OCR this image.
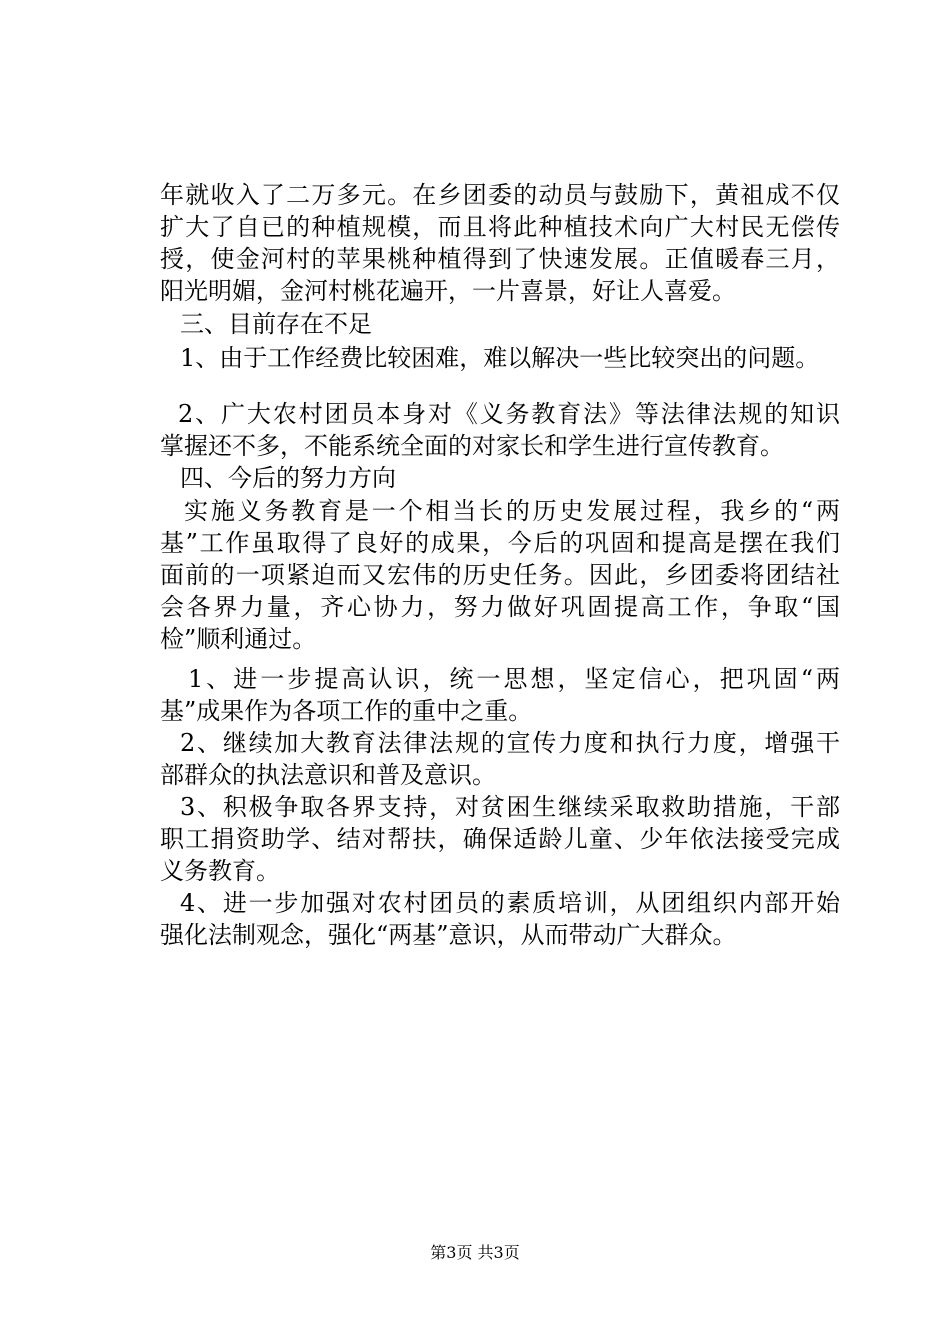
年就收入了二万多元。在乡团委的动员与鼓励下，黄祖成不仅
扩大了自已的种植规模，而且将此种植技术向广大村民无偿传
授，使金河村的苹果桃种植得到了快速发展。正值暖春三月，
阳光明媚，金河村桃花遍开，一片喜景，好让人喜爱。
三、目前存在不足
1、由于工作经费比较困难，难以解决一些比较突出的问题。
2、广大农村团员本身对《义务教育法》等法律法规的知识
掌握还不多，不能系统全面的对家长和学生进行宣传教育。
四、今后的努力方向
实施义务教育是一个相当长的历史发展过程，我乡的“两
基”工作虽取得了良好的成果，今后的巩固和提高是摆在我们
面前的一项紧迫而又宏伟的历史任务。因此，乡团委将团结社
会各界力量，齐心协力，努力做好巩固提高工作，争取“国
检”顺利通过。
1、进一步提高认识，统一思想，坚定信心，把巩固“两
基”成果作为各项工作的重中之重。
2、继续加大教育法律法规的宣传力度和执行力度，增强干
部群众的执法意识和普及意识。
3、积极争取各界支持，对贫困生继续采取救助措施，干部
职工捐资助学、结对帮扶，确保适龄儿童、少年依法接受完成
义务教育。
4、进一步加强对农村团员的素质培训，从团组织内部开始
强化法制观念，强化“两基”意识，从而带动广大群众。
第3页 共3页
